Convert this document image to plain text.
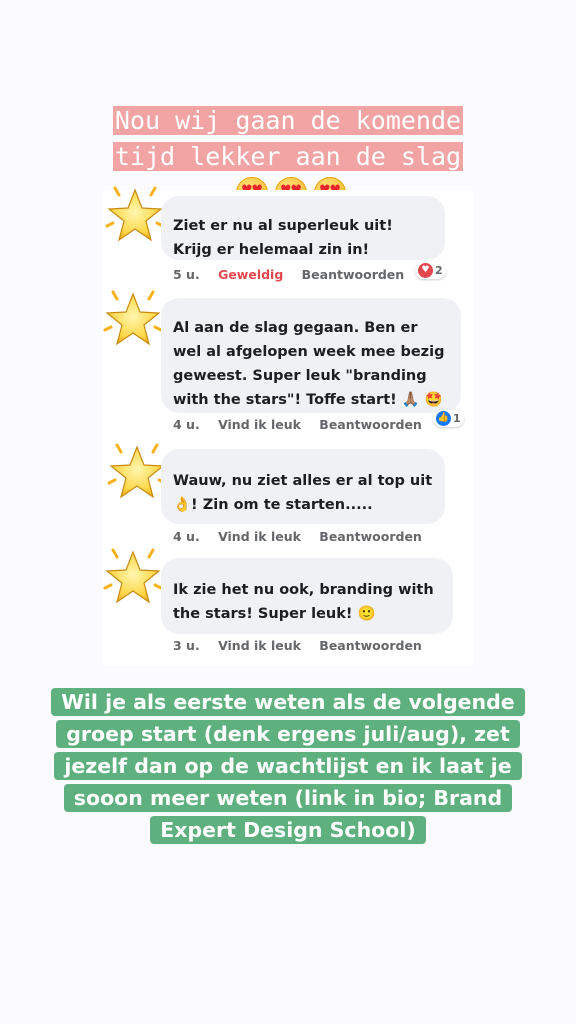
Nou wij gaan de komende
tijd lekker aan de slag
♥
♥
♥
♥
♥
♥
Ziet er nu al superleuk uit! Krijg er helemaal zin in!
5 u. Geweldig Beantwoorden	♥ 2
Al aan de slag gegaan. Ben er wel al afgelopen week mee bezig geweest. Super leuk "branding with the stars"! Toffe start! 🙏🏽 🤩
4 u. Vind ik leuk Beantwoorden	👍 1
Wauw, nu ziet alles er al top uit👌! Zin om te starten.....
4 u. Vind ik leuk Beantwoorden
Ik zie het nu ook, branding with the stars! Super leuk! 🙂
3 u. Vind ik leuk Beantwoorden
Wil je als eerste weten als de volgende
groep start (denk ergens juli/aug), zet
jezelf dan op de wachtlijst en ik laat je
sooon meer weten (link in bio; Brand
Expert Design School)
